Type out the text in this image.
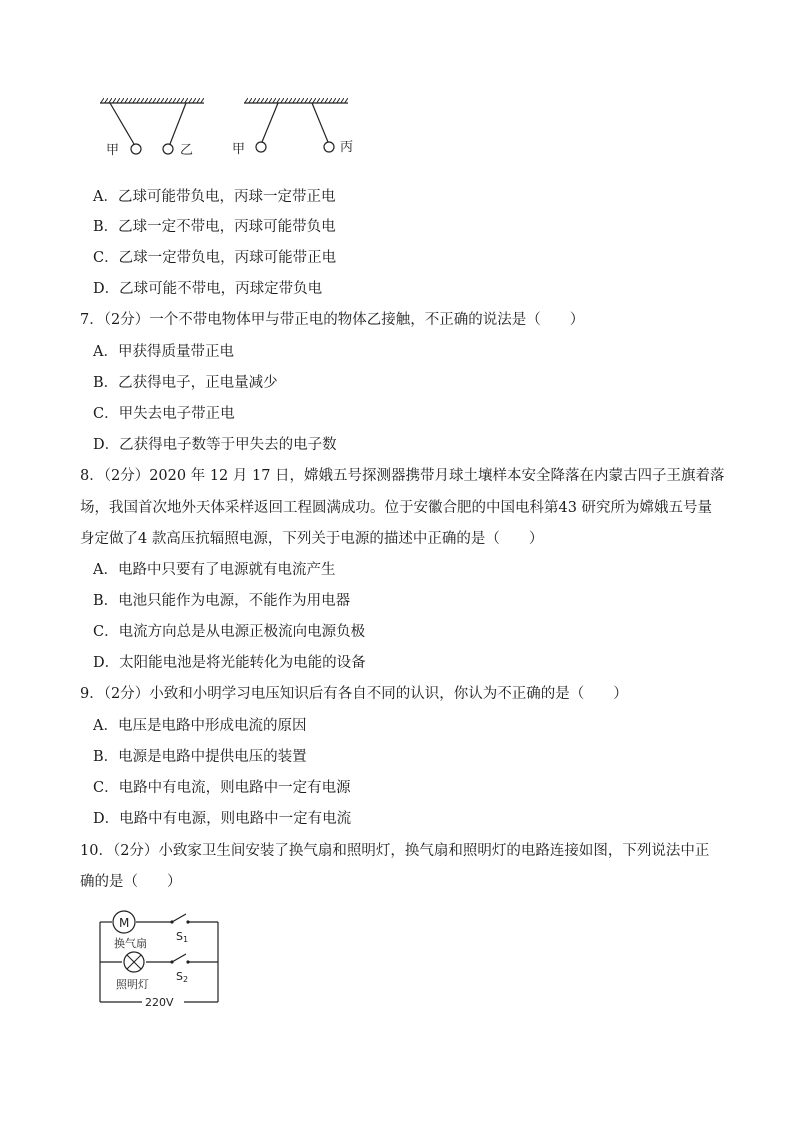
甲	乙	甲	丙
A．乙球可能带负电，丙球一定带正电
B．乙球一定不带电，丙球可能带负电
C．乙球一定带负电，丙球可能带正电
D．乙球可能不带电，丙球定带负电
7．（2分）一个不带电物体甲与带正电的物体乙接触，不正确的说法是（　　）
A．甲获得质量带正电
B．乙获得电子，正电量减少
C．甲失去电子带正电
D．乙获得电子数等于甲失去的电子数
8．（2分）2020 年 12 月 17 日，嫦娥五号探测器携带月球土壤样本安全降落在内蒙古四子王旗着落
场，我国首次地外天体采样返回工程圆满成功。位于安徽合肥的中国电科第43 研究所为嫦娥五号量
身定做了4 款高压抗辐照电源，下列关于电源的描述中正确的是（　　）
A．电路中只要有了电源就有电流产生
B．电池只能作为电源，不能作为用电器
C．电流方向总是从电源正极流向电源负极
D．太阳能电池是将光能转化为电能的设备
9．（2分）小致和小明学习电压知识后有各自不同的认识，你认为不正确的是（　　）
A．电压是电路中形成电流的原因
B．电源是电路中提供电压的装置
C．电路中有电流，则电路中一定有电源
D．电路中有电源，则电路中一定有电流
10．（2分）小致家卫生间安装了换气扇和照明灯，换气扇和照明灯的电路连接如图，下列说法中正
确的是（　　）
M
换气扇
S1
照明灯
S2
220V
